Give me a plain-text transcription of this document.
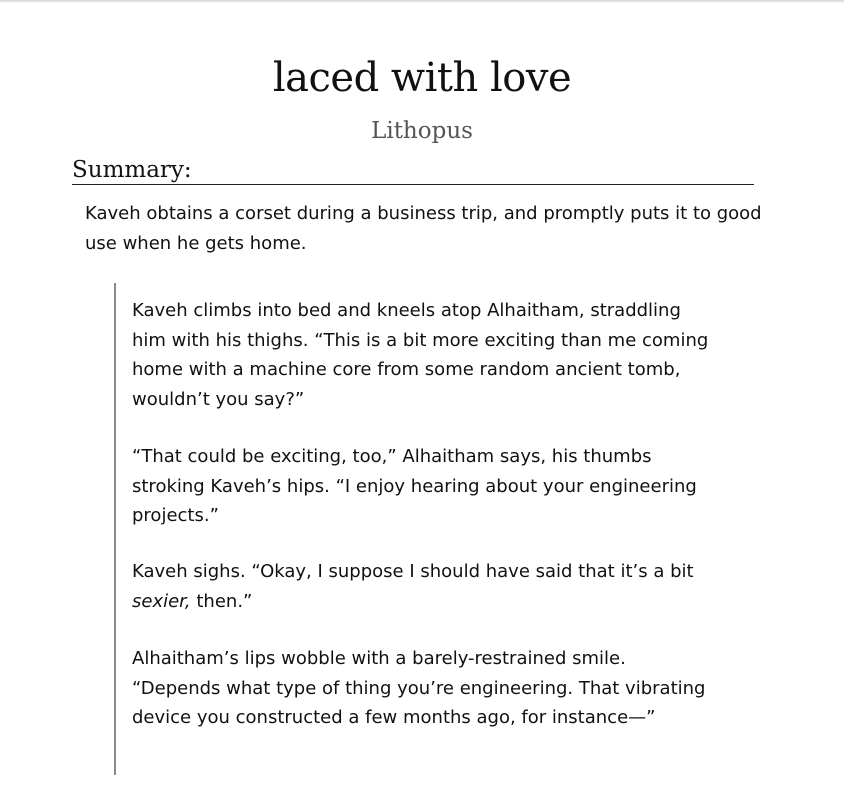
laced with love
Lithopus
Summary:

Kaveh obtains a corset during a business trip, and promptly puts it to good use when he gets home.

Kaveh climbs into bed and kneels atop Alhaitham, straddling him with his thighs. “This is a bit more exciting than me coming home with a machine core from some random ancient tomb, wouldn’t you say?”

“That could be exciting, too,” Alhaitham says, his thumbs stroking Kaveh’s hips. “I enjoy hearing about your engineering projects.”

Kaveh sighs. “Okay, I suppose I should have said that it’s a bit sexier, then.”

Alhaitham’s lips wobble with a barely-restrained smile. “Depends what type of thing you’re engineering. That vibrating device you constructed a few months ago, for instance—”
